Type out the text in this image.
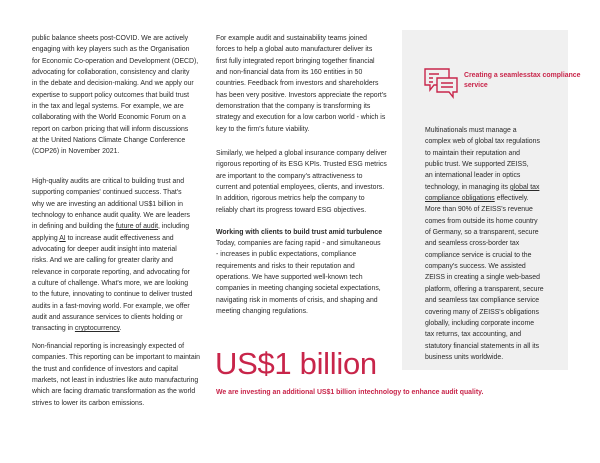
public balance sheets post-COVID. We are actively
engaging with key players such as the Organisation
for Economic Co-operation and Development (OECD),
advocating for collaboration, consistency and clarity
in the debate and decision-making. And we apply our
expertise to support policy outcomes that build trust
in the tax and legal systems. For example, we are
collaborating with the World Economic Forum on a
report on carbon pricing that will inform discussions
at the United Nations Climate Change Conference
(COP26) in November 2021.
High-quality audits are critical to building trust and
supporting companies' continued success. That's
why we are investing an additional US$1 billion in
technology to enhance audit quality. We are leaders
in defining and building the future of audit, including
applying AI to increase audit effectiveness and
advocating for deeper audit insight into material
risks. And we are calling for greater clarity and
relevance in corporate reporting, and advocating for
a culture of challenge. What's more, we are looking
to the future, innovating to continue to deliver trusted
audits in a fast-moving world. For example, we offer
audit and assurance services to clients holding or
transacting in cryptocurrency.
Non-financial reporting is increasingly expected of
companies. This reporting can be important to maintain
the trust and confidence of investors and capital
markets, not least in industries like auto manufacturing
which are facing dramatic transformation as the world
strives to lower its carbon emissions.
For example audit and sustainability teams joined
forces to help a global auto manufacturer deliver its
first fully integrated report bringing together financial
and non-financial data from its 160 entities in 50
countries. Feedback from investors and shareholders
has been very positive. Investors appreciate the report's
demonstration that the company is transforming its
strategy and execution for a low carbon world - which is
key to the firm's future viability.
Similarly, we helped a global insurance company deliver
rigorous reporting of its ESG KPIs. Trusted ESG metrics
are important to the company's attractiveness to
current and potential employees, clients, and investors.
In addition, rigorous metrics help the company to
reliably chart its progress toward ESG objectives.
Working with clients to build trust amid turbulence
Today, companies are facing rapid - and simultaneous
- increases in public expectations, compliance
requirements and risks to their reputation and
operations. We have supported well-known tech
companies in meeting changing societal expectations,
navigating risk in moments of crisis, and shaping and
meeting changing regulations.
US$1 billion
We are investing an additional US$1 billion intechnology to enhance audit quality.
Creating a seamlesstax compliance service
Multinationals must manage a
complex web of global tax regulations
to maintain their reputation and
public trust. We supported ZEISS,
an international leader in optics
technology, in managing its global tax
compliance obligations effectively.
More than 90% of ZEISS's revenue
comes from outside its home country
of Germany, so a transparent, secure
and seamless cross-border tax
compliance service is crucial to the
company's success. We assisted
ZEISS in creating a single web-based
platform, offering a transparent, secure
and seamless tax compliance service
covering many of ZEISS's obligations
globally, including corporate income
tax returns, tax accounting, and
statutory financial statements in all its
business units worldwide.
